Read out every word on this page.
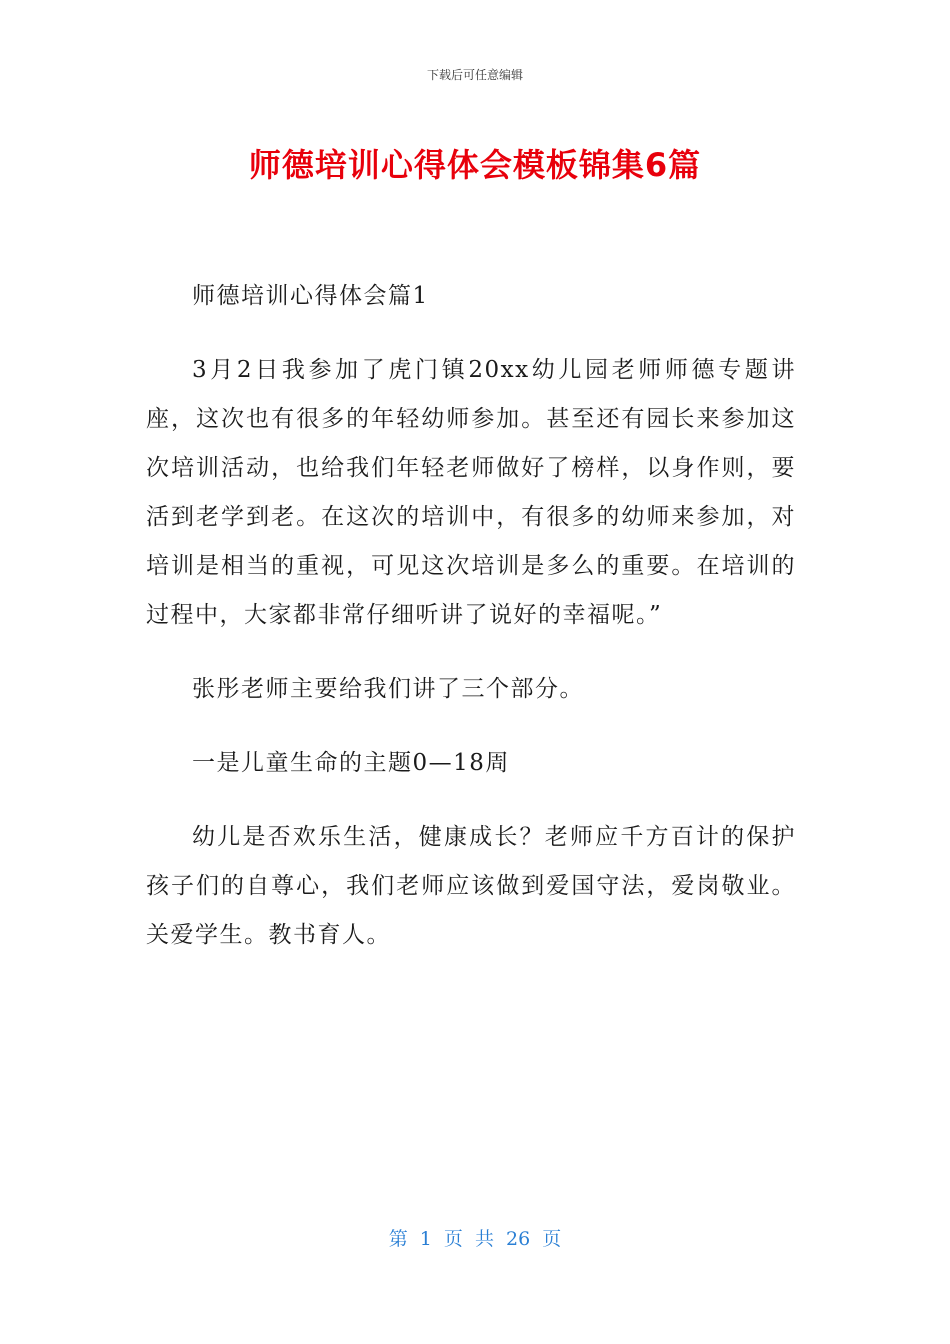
下载后可任意编辑
师德培训心得体会模板锦集6篇

师德培训心得体会篇1

3月2日我参加了虎门镇20xx幼儿园老师师德专题讲座，这次也有很多的年轻幼师参加。甚至还有园长来参加这次培训活动，也给我们年轻老师做好了榜样，以身作则，要活到老学到老。在这次的培训中，有很多的幼师来参加，对培训是相当的重视，可见这次培训是多么的重要。在培训的过程中，大家都非常仔细听讲了说好的幸福呢。”

张彤老师主要给我们讲了三个部分。

一是儿童生命的主题0—18周

幼儿是否欢乐生活，健康成长？老师应千方百计的保护孩子们的自尊心，我们老师应该做到爱国守法，爱岗敬业。关爱学生。教书育人。

第 1 页 共 26 页
